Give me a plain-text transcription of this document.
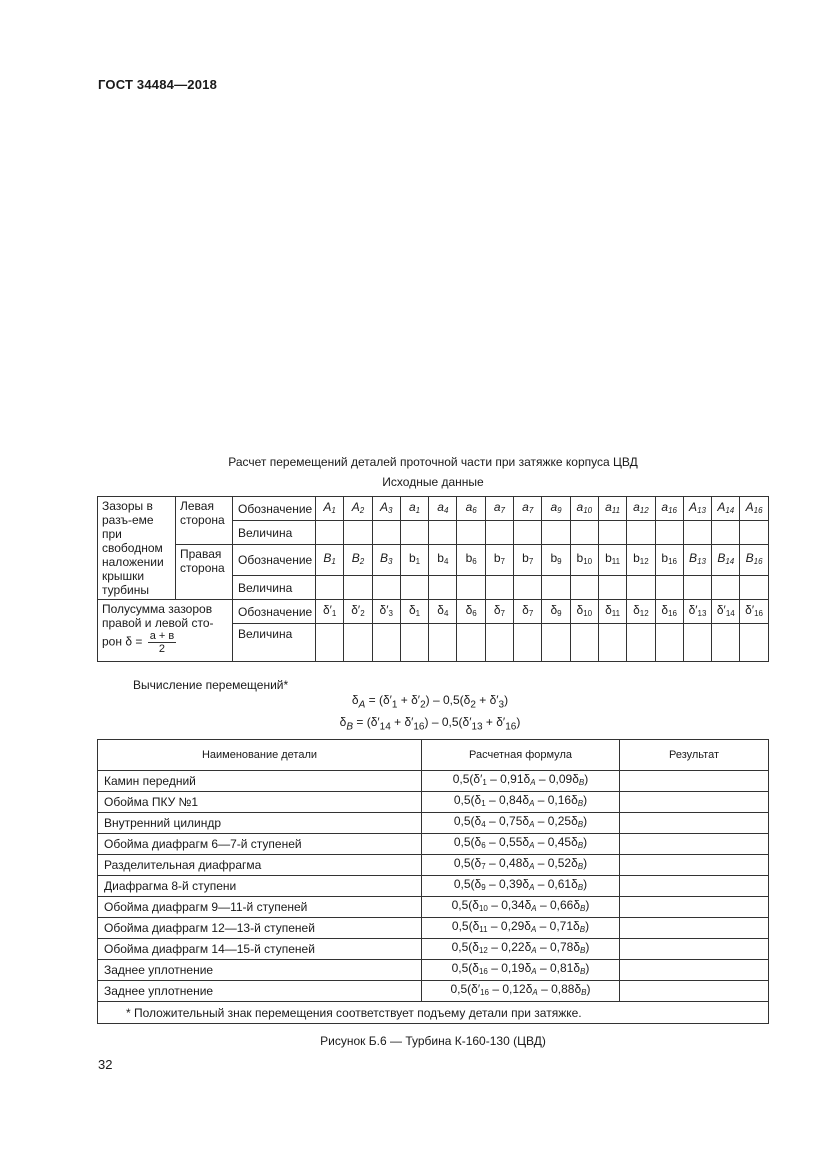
ГОСТ 34484—2018
Расчет перемещений деталей проточной части при затяжке корпуса ЦВД
Исходные данные
Зазоры в разъ-еме при свободном наложении крышки турбины	Левая сторона	Обозначение	$A_1$	$A_2$	$A_3$	$a_1$	$a_4$	$a_6$	$a_7$	$a_7$	$a_9$	$a_{10}$	$a_{11}$	$a_{12}$	$a_{16}$	$A_{13}$	$A_{14}$	$A_{16}$
		Величина																
	Правая сторона	Обозначение	$B_1$	$B_2$	$B_3$	$b_1$	$b_4$	$b_6$	$b_7$	$b_7$	$b_9$	$b_{10}$	$b_{11}$	$b_{12}$	$b_{16}$	$B_{13}$	$B_{14}$	$B_{16}$
		Величина																
Полусумма зазоров правой и левой сто-рон $\delta = \frac{a + в}{2}$		Обозначение	$\delta'_1$	$\delta'_2$	$\delta'_3$	$\delta_1$	$\delta_4$	$\delta_6$	$\delta_7$	$\delta_7$	$\delta_9$	$\delta_{10}$	$\delta_{11}$	$\delta_{12}$	$\delta_{16}$	$\delta'_{13}$	$\delta'_{14}$	$\delta'_{16}$
		Величина																
Вычисление перемещений*
$\delta_A = (\delta'_1 + \delta'_2) - 0,5(\delta_2 + \delta'_3)$
$\delta_B = (\delta'_{14} + \delta'_{16}) - 0,5(\delta'_{13} + \delta'_{16})$
Наименование детали	Расчетная формула	Результат
Камин передний	$0,5(\delta'_1 - 0,91\delta_A - 0,09\delta_B)$	
Обойма ПКУ №1	$0,5(\delta_1 - 0,84\delta_A - 0,16\delta_B)$	
Внутренний цилиндр	$0,5(\delta_4 - 0,75\delta_A - 0,25\delta_B)$	
Обойма диафрагм 6—7-й ступеней	$0,5(\delta_6 - 0,55\delta_A - 0,45\delta_B)$	
Разделительная диафрагма	$0,5(\delta_7 - 0,48\delta_A - 0,52\delta_B)$	
Диафрагма 8-й ступени	$0,5(\delta_9 - 0,39\delta_A - 0,61\delta_B)$	
Обойма диафрагм 9—11-й ступеней	$0,5(\delta_{10} - 0,34\delta_A - 0,66\delta_B)$	
Обойма диафрагм 12—13-й ступеней	$0,5(\delta_{11} - 0,29\delta_A - 0,71\delta_B)$	
Обойма диафрагм 14—15-й ступеней	$0,5(\delta_{12} - 0,22\delta_A - 0,78\delta_B)$	
Заднее уплотнение	$0,5(\delta_{16} - 0,19\delta_A - 0,81\delta_B)$	
Заднее уплотнение	$0,5(\delta'_{16} - 0,12\delta_A - 0,88\delta_B)$	
* Положительный знак перемещения соответствует подъему детали при затяжке.		
Рисунок Б.6 — Турбина К-160-130 (ЦВД)
32
